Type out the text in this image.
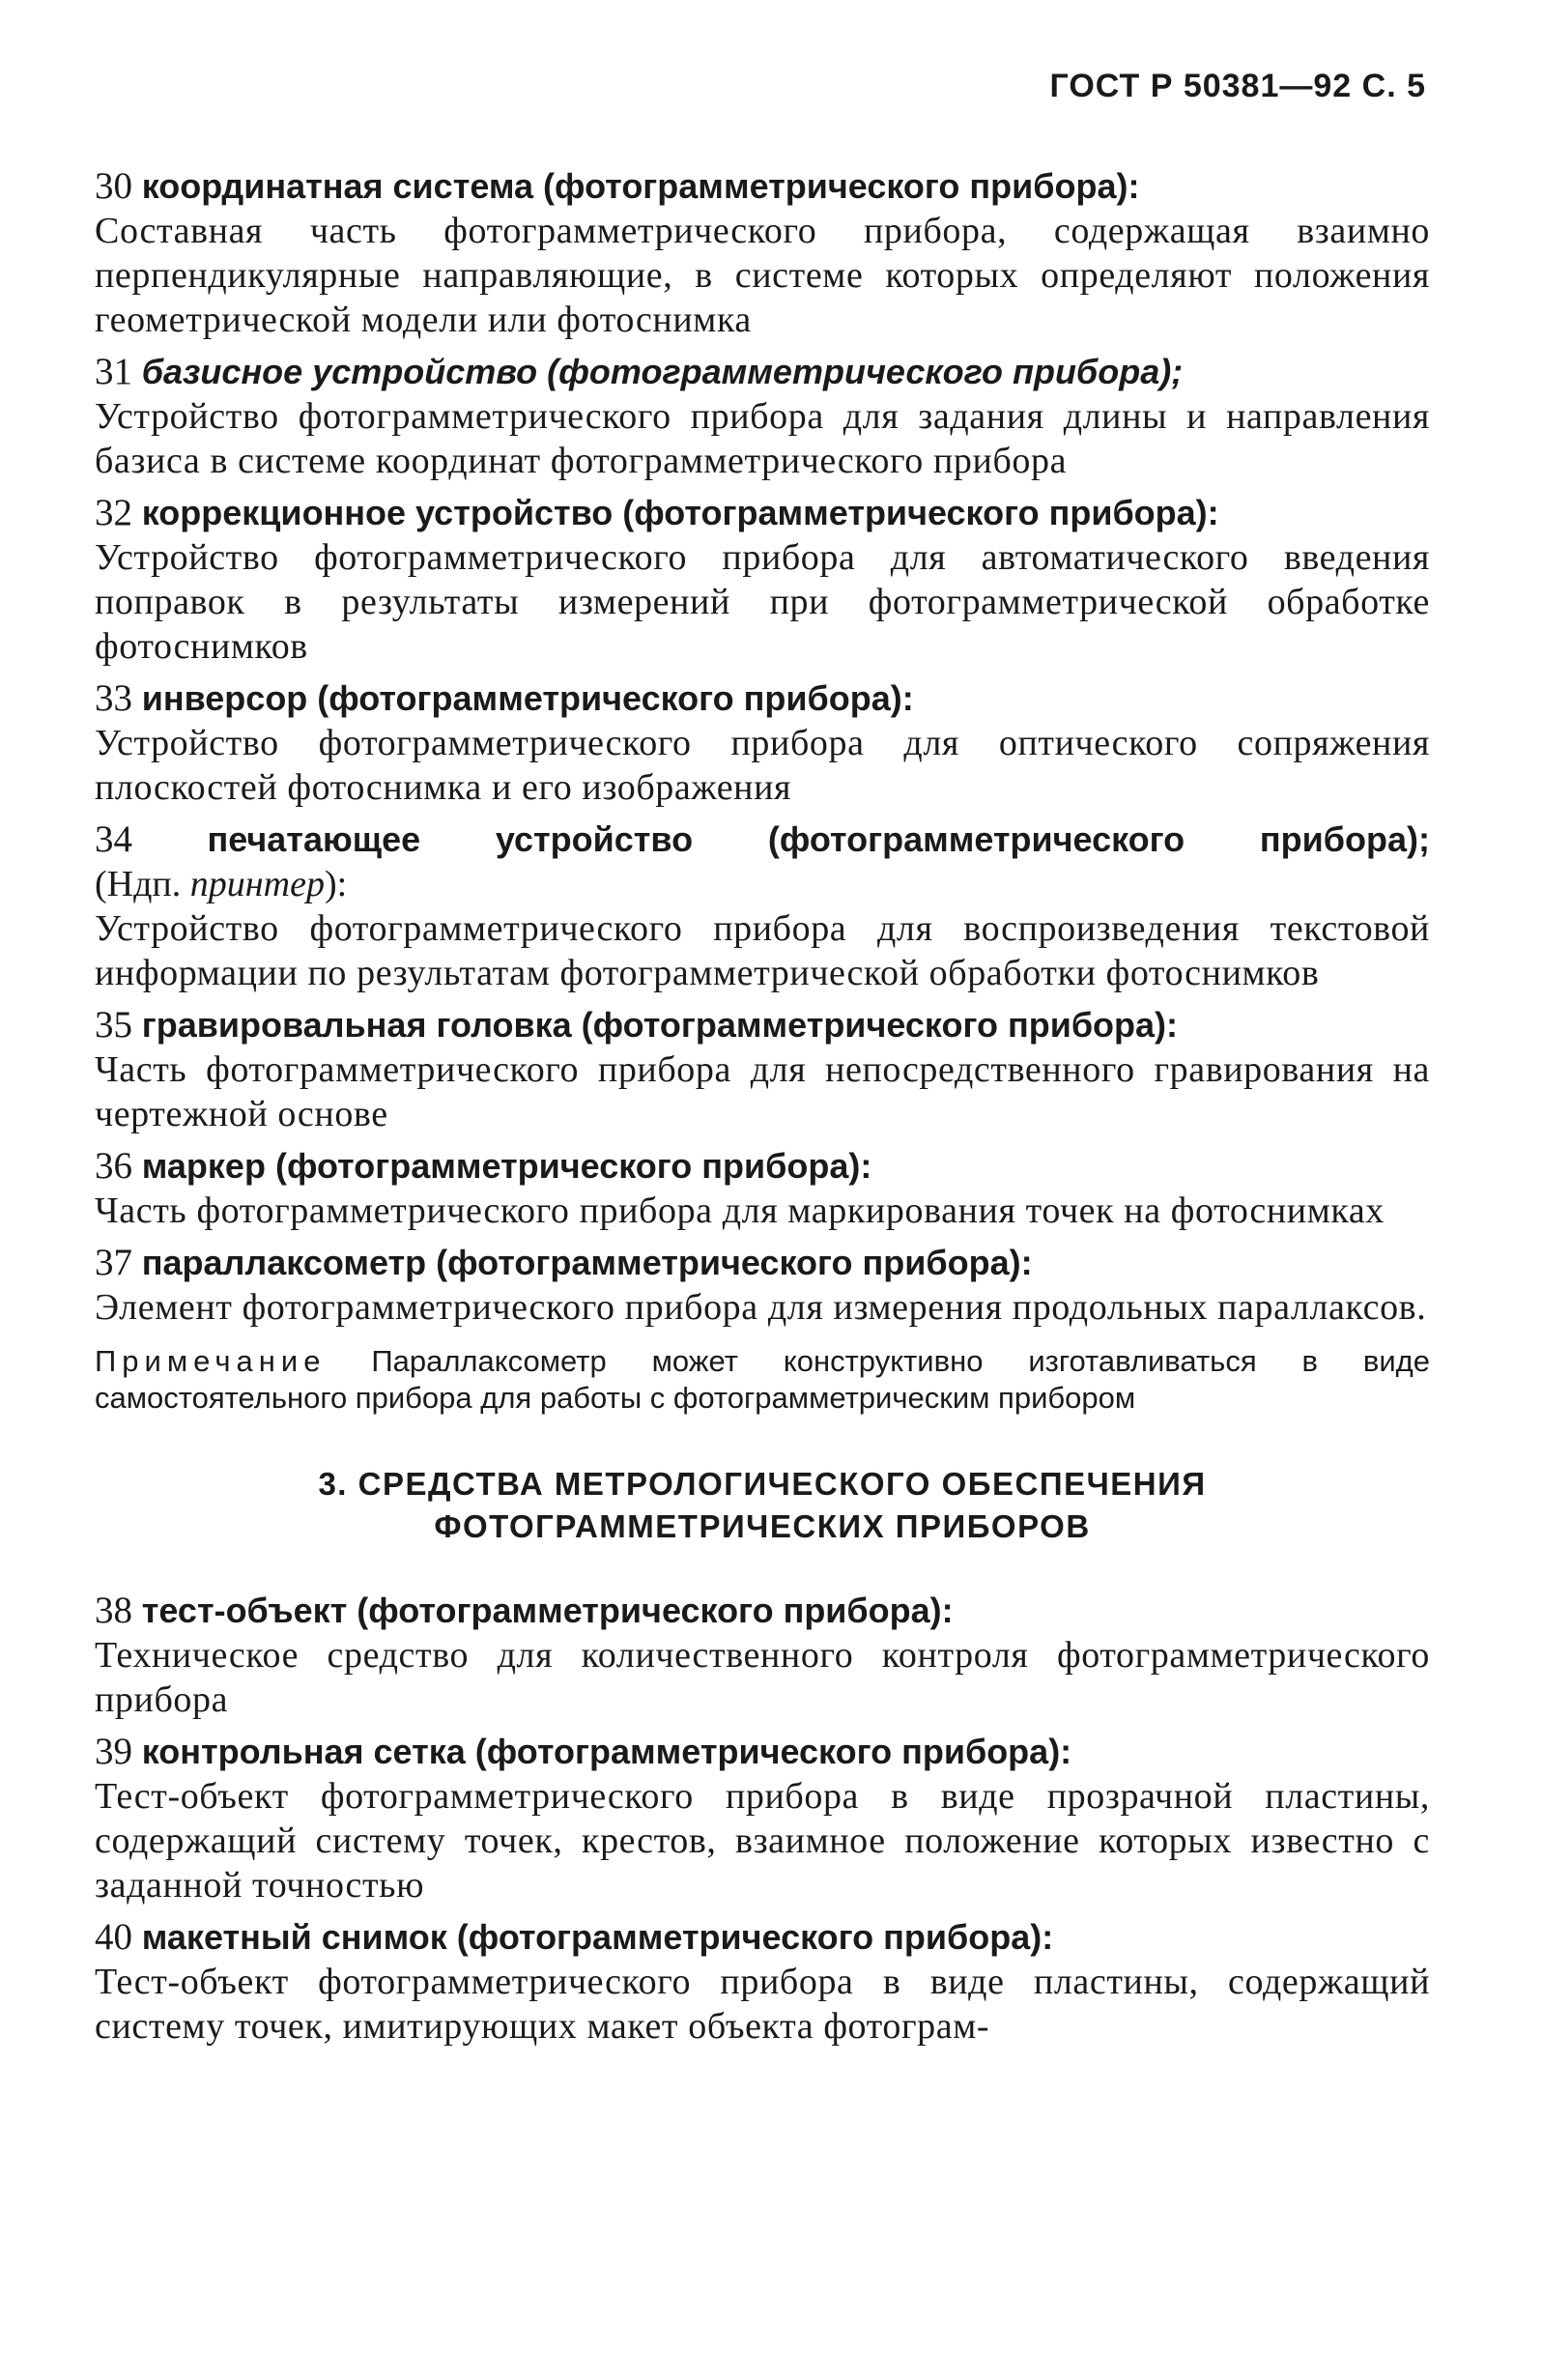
ГОСТ Р 50381—92 С. 5

30 координатная система (фотограмметрического прибора):

Составная часть фотограмметрического прибора, содержащая взаимно перпендикулярные направляющие, в системе которых определяют положения геометрической модели или фотоснимка

31 базисное устройство (фотограмметрического прибора);

Устройство фотограмметрического прибора для задания длины и направления базиса в системе координат фотограмметрического прибора

32 коррекционное устройство (фотограмметрического прибора):

Устройство фотограмметрического прибора для автоматического введения поправок в результаты измерений при фотограмметрической обработке фотоснимков

33 инверсор (фотограмметрического прибора):

Устройство фотограмметрического прибора для оптического сопряжения плоскостей фотоснимка и его изображения

34 печатающее устройство (фотограмметрического прибора);

(Ндп. принтер):

Устройство фотограмметрического прибора для воспроизведения текстовой информации по результатам фотограмметрической обработки фотоснимков

35 гравировальная головка (фотограмметрического прибора):

Часть фотограмметрического прибора для непосредственного гравирования на чертежной основе

36 маркер (фотограмметрического прибора):

Часть фотограмметрического прибора для маркирования точек на фотоснимках

37 параллаксометр (фотограмметрического прибора):

Элемент фотограмметрического прибора для измерения продольных параллаксов.

Примечание Параллаксометр может конструктивно изготавливаться в виде самостоятельного прибора для работы с фотограмметрическим прибором

3. СРЕДСТВА МЕТРОЛОГИЧЕСКОГО ОБЕСПЕЧЕНИЯ
ФОТОГРАММЕТРИЧЕСКИХ ПРИБОРОВ

38 тест-объект (фотограмметрического прибора):

Техническое средство для количественного контроля фотограмметрического прибора

39 контрольная сетка (фотограмметрического прибора):

Тест-объект фотограмметрического прибора в виде прозрачной пластины, содержащий систему точек, крестов, взаимное положение которых известно с заданной точностью

40 макетный снимок (фотограмметрического прибора):

Тест-объект фотограмметрического прибора в виде пластины, содержащий систему точек, имитирующих макет объекта фотограм-
